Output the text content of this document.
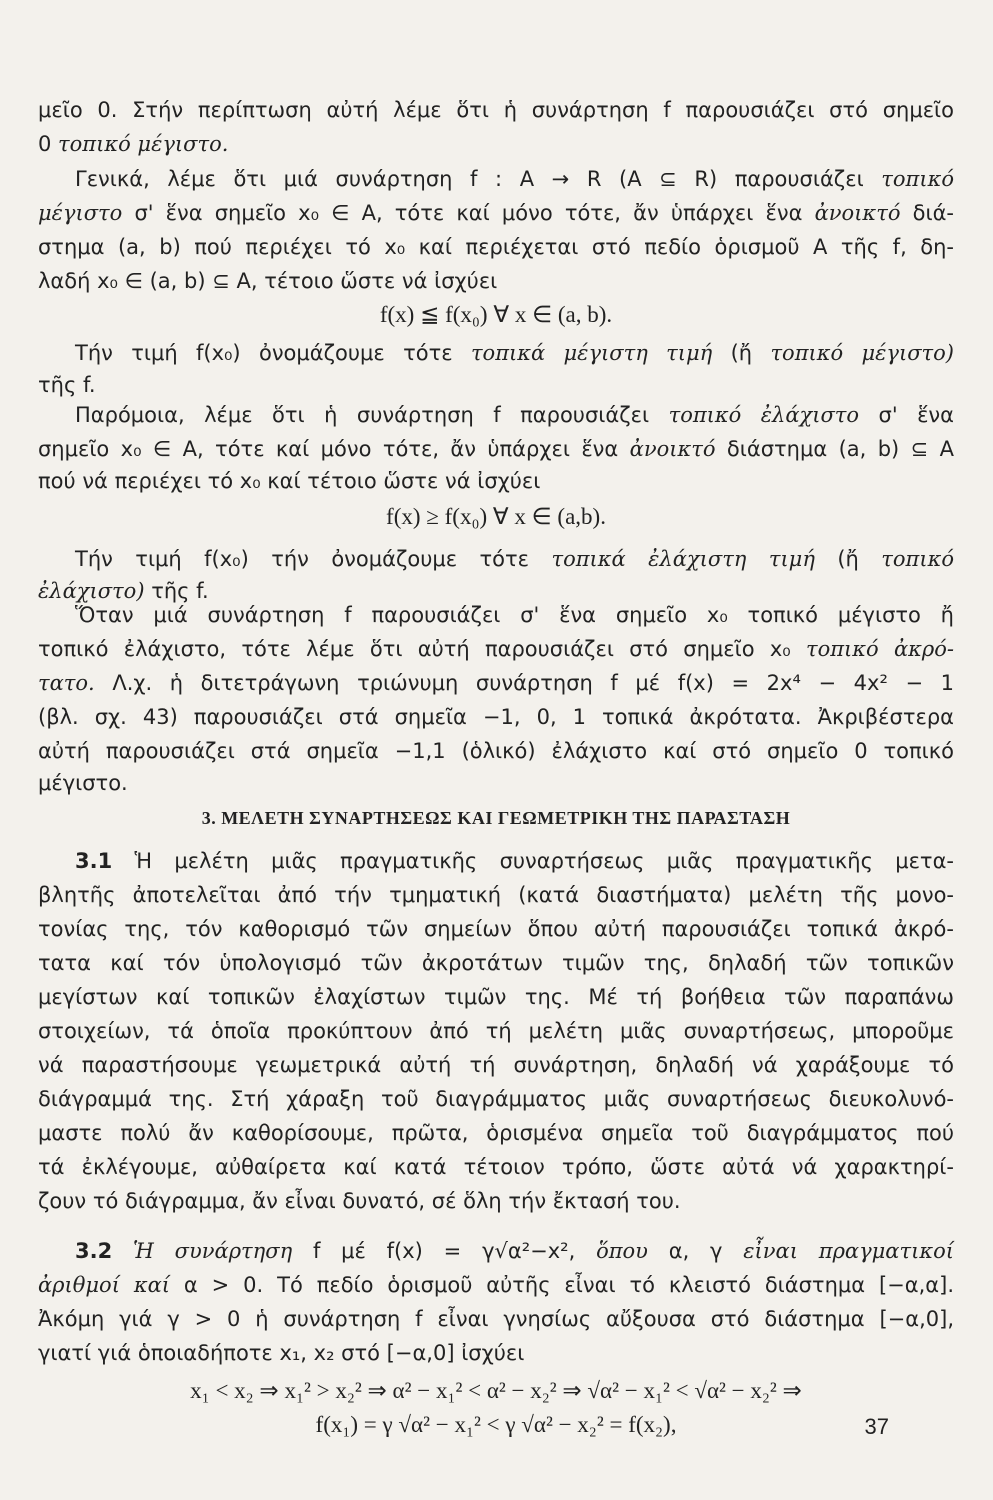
μεῖο 0. Στήν περίπτωση αὐτή λέμε ὅτι ἡ συνάρτηση f παρουσιάζει στό σημεῖο
0 τοπικό μέγιστο.
Γενικά, λέμε ὅτι μιά συνάρτηση f : A → R (A ⊆ R) παρουσιάζει τοπικό
μέγιστο σ' ἕνα σημεῖο x₀ ∈ A, τότε καί μόνο τότε, ἄν ὑπάρχει ἕνα ἀνοικτό διά-
στημα (a, b) πού περιέχει τό x₀ καί περιέχεται στό πεδίο ὁρισμοῦ A τῆς f, δη-
λαδή x₀ ∈ (a, b) ⊆ A, τέτοιο ὥστε νά ἰσχύει
f(x) ≦ f(x₀) ∀ x ∈ (a, b).
Τήν τιμή f(x₀) ὀνομάζουμε τότε τοπικά μέγιστη τιμή (ἤ τοπικό μέγιστο)
τῆς f.
Παρόμοια, λέμε ὅτι ἡ συνάρτηση f παρουσιάζει τοπικό ἐλάχιστο σ' ἕνα
σημεῖο x₀ ∈ A, τότε καί μόνο τότε, ἄν ὑπάρχει ἕνα ἀνοικτό διάστημα (a, b) ⊆ A
πού νά περιέχει τό x₀ καί τέτοιο ὥστε νά ἰσχύει
f(x) ≥ f(x₀) ∀ x ∈ (a,b).
Τήν τιμή f(x₀) τήν ὀνομάζουμε τότε τοπικά ἐλάχιστη τιμή (ἤ τοπικό
ἐλάχιστο) τῆς f.
Ὅταν μιά συνάρτηση f παρουσιάζει σ' ἕνα σημεῖο x₀ τοπικό μέγιστο ἤ
τοπικό ἐλάχιστο, τότε λέμε ὅτι αὐτή παρουσιάζει στό σημεῖο x₀ τοπικό ἀκρό-
τατο. Λ.χ. ἡ διτετράγωνη τριώνυμη συνάρτηση f μέ f(x) = 2x⁴ − 4x² − 1
(βλ. σχ. 43) παρουσιάζει στά σημεῖα −1, 0, 1 τοπικά ἀκρότατα. Ἀκριβέστερα
αὐτή παρουσιάζει στά σημεῖα −1,1 (ὁλικό) ἐλάχιστο καί στό σημεῖο 0 τοπικό
μέγιστο.
3. ΜΕΛΕΤΗ ΣΥΝΑΡΤΗΣΕΩΣ ΚΑΙ ΓΕΩΜΕΤΡΙΚΗ ΤΗΣ ΠΑΡΑΣΤΑΣΗ
3.1 Ἡ μελέτη μιᾶς πραγματικῆς συναρτήσεως μιᾶς πραγματικῆς μετα-
βλητῆς ἀποτελεῖται ἀπό τήν τμηματική (κατά διαστήματα) μελέτη τῆς μονο-
τονίας της, τόν καθορισμό τῶν σημείων ὅπου αὐτή παρουσιάζει τοπικά ἀκρό-
τατα καί τόν ὑπολογισμό τῶν ἀκροτάτων τιμῶν της, δηλαδή τῶν τοπικῶν
μεγίστων καί τοπικῶν ἐλαχίστων τιμῶν της. Μέ τή βοήθεια τῶν παραπάνω
στοιχείων, τά ὁποῖα προκύπτουν ἀπό τή μελέτη μιᾶς συναρτήσεως, μποροῦμε
νά παραστήσουμε γεωμετρικά αὐτή τή συνάρτηση, δηλαδή νά χαράξουμε τό
διάγραμμά της. Στή χάραξη τοῦ διαγράμματος μιᾶς συναρτήσεως διευκολυνό-
μαστε πολύ ἄν καθορίσουμε, πρῶτα, ὁρισμένα σημεῖα τοῦ διαγράμματος πού
τά ἐκλέγουμε, αὐθαίρετα καί κατά τέτοιον τρόπο, ὥστε αὐτά νά χαρακτηρί-
ζουν τό διάγραμμα, ἄν εἶναι δυνατό, σέ ὅλη τήν ἔκτασή του.
3.2 Ἡ συνάρτηση f μέ f(x) = γ√α²−x², ὅπου α, γ εἶναι πραγματικοί
ἀριθμοί καί α > 0. Τό πεδίο ὁρισμοῦ αὐτῆς εἶναι τό κλειστό διάστημα [−α,α].
Ἀκόμη γιά γ > 0 ἡ συνάρτηση f εἶναι γνησίως αὔξουσα στό διάστημα [−α,0],
γιατί γιά ὁποιαδήποτε x₁, x₂ στό [−α,0] ἰσχύει
x₁ < x₂ ⇒ x₁² > x₂² ⇒ α² − x₁² < α² − x₂² ⇒ √α² − x₁² < √α² − x₂² ⇒
f(x₁) = γ √α² − x₁² < γ √α² − x₂² = f(x₂),	37
